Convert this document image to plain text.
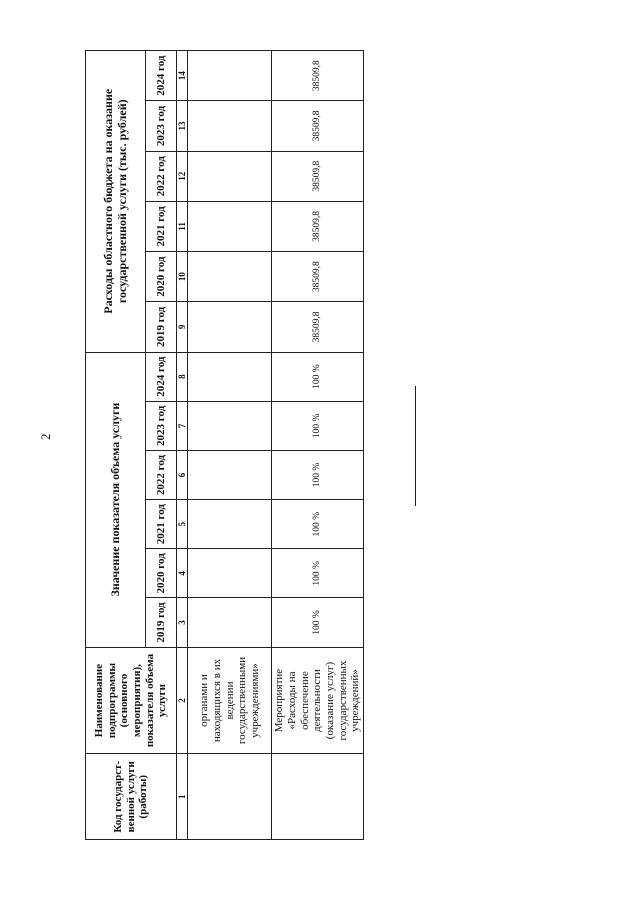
2
Код государст-венной услуги (работы)	Наименование подпрограммы (основного мероприятия), показателя объема услуги	Значение показателя объема услуги						Расходы областного бюджета на оказание государственной услуги (тыс. рублей)					
		2019 год	2020 год	2021 год	2022 год	2023 год	2024 год	2019 год	2020 год	2021 год	2022 год	2023 год	2024 год
1	2	3	4	5	6	7	8	9	10	11	12	13	14
	органами и находящихся в их ведении государственными учреждениями»												
	Мероприятие «Расходы на обеспечение деятельности (оказание услуг) государственных учреждений»	100 %	100 %	100 %	100 %	100 %	100 %	38509,8	38509,8	38509,8	38509,8	38509,8	38509,8
